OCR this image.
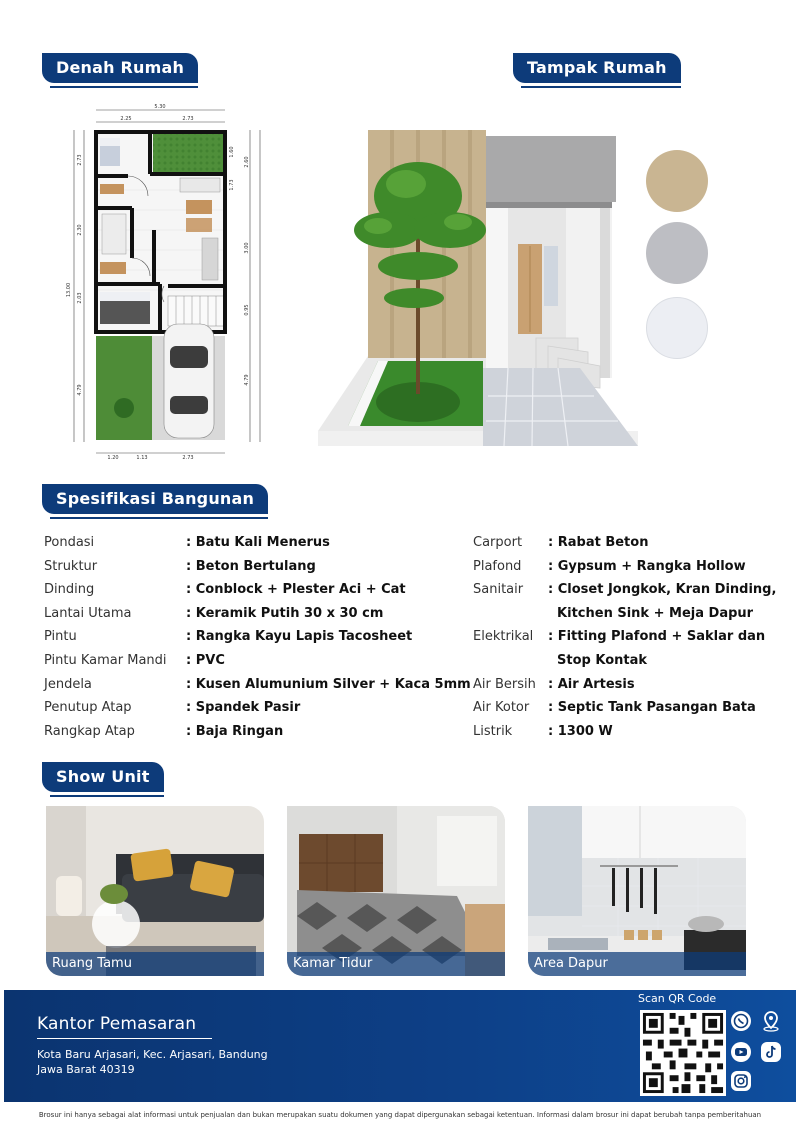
Denah Rumah	Tampak Rumah
Spesifikasi Bangunan
Show Unit
5.30
2.25	2.73
13.00
2.73
2.30
2.03
4.79
1.60
2.60
1.73
3.00
0.95
4.79
1.20	1.13	2.73
Pondasi	: Batu Kali Menerus
Struktur	: Beton Bertulang
Dinding	: Conblock + Plester Aci + Cat
Lantai Utama	: Keramik Putih 30 x 30 cm
Pintu	: Rangka Kayu Lapis Tacosheet
Pintu Kamar Mandi	: PVC
Jendela	: Kusen Alumunium Silver + Kaca 5mm
Penutup Atap	: Spandek Pasir
Rangkap Atap	: Baja Ringan
Carport	: Rabat Beton
Plafond	: Gypsum + Rangka Hollow
Sanitair	: Closet Jongkok, Kran Dinding,
Kitchen Sink + Meja Dapur
Elektrikal	: Fitting Plafond + Saklar dan
Stop Kontak
Air Bersih : Air Artesis
Air Kotor	: Septic Tank Pasangan Bata
Listrik	: 1300 W
Ruang Tamu	Kamar Tidur	Area Dapur
Kantor Pemasaran
Kota Baru Arjasari, Kec. Arjasari, Bandung
Jawa Barat 40319
Scan QR Code
Brosur ini hanya sebagai alat informasi untuk penjualan dan bukan merupakan suatu dokumen yang dapat dipergunakan sebagai ketentuan. Informasi dalam brosur ini dapat berubah tanpa pemberitahuan
